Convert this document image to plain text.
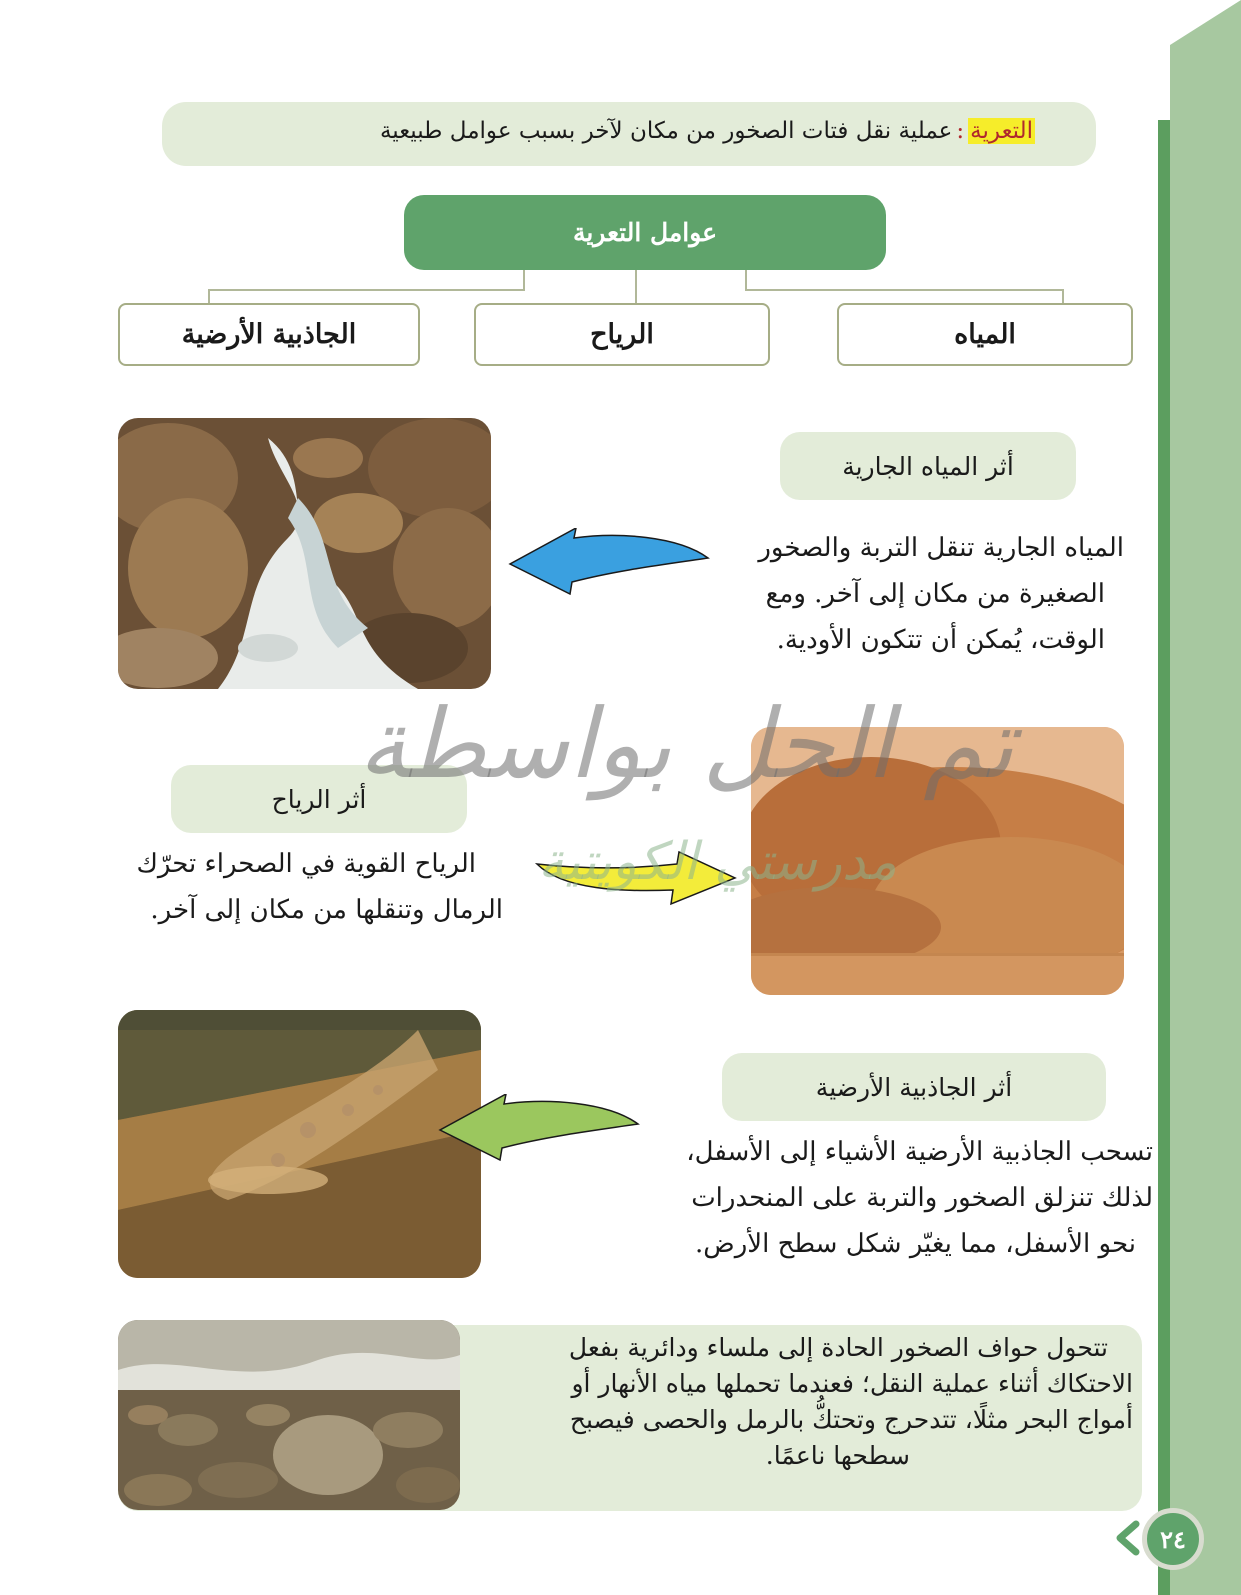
التعرية:عملية نقل فتات الصخور من مكان لآخر بسبب عوامل طبيعية
عوامل التعرية
المياه
الرياح
الجاذبية الأرضية
أثر المياه الجارية
المياه الجارية تنقل التربة والصخور
الصغيرة من مكان إلى آخر. ومع
الوقت، يُمكن أن تتكون الأودية.
أثر الرياح
الرياح القوية في الصحراء تحرّك
الرمال وتنقلها من مكان إلى آخر.
أثر الجاذبية الأرضية
تسحب الجاذبية الأرضية الأشياء إلى الأسفل،
لذلك تنزلق الصخور والتربة على المنحدرات
نحو الأسفل، مما يغيّر شكل سطح الأرض.
تتحول حواف الصخور الحادة إلى ملساء ودائرية بفعل
الاحتكاك أثناء عملية النقل؛ فعندما تحملها مياه الأنهار أو
أمواج البحر مثلًا، تتدحرج وتحتكُّ بالرمل والحصى فيصبح
سطحها ناعمًا.
تم الحل بواسطة
مدرستي الكويتية
٢٤
